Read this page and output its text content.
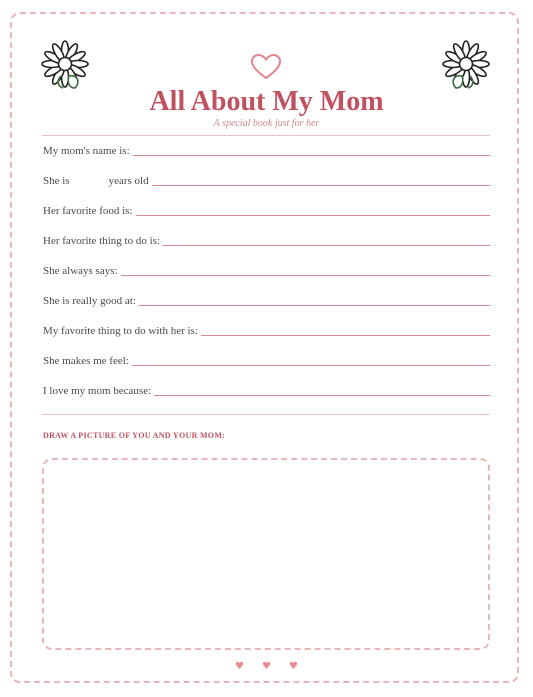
All About My Mom
A special book just for her
My mom's name is:
She is	years old
Her favorite food is:
Her favorite thing to do is:
She always says:
She is really good at:
My favorite thing to do with her is:
She makes me feel:
I love my mom because:
DRAW A PICTURE OF YOU AND YOUR MOM:
♥ ♥ ♥
